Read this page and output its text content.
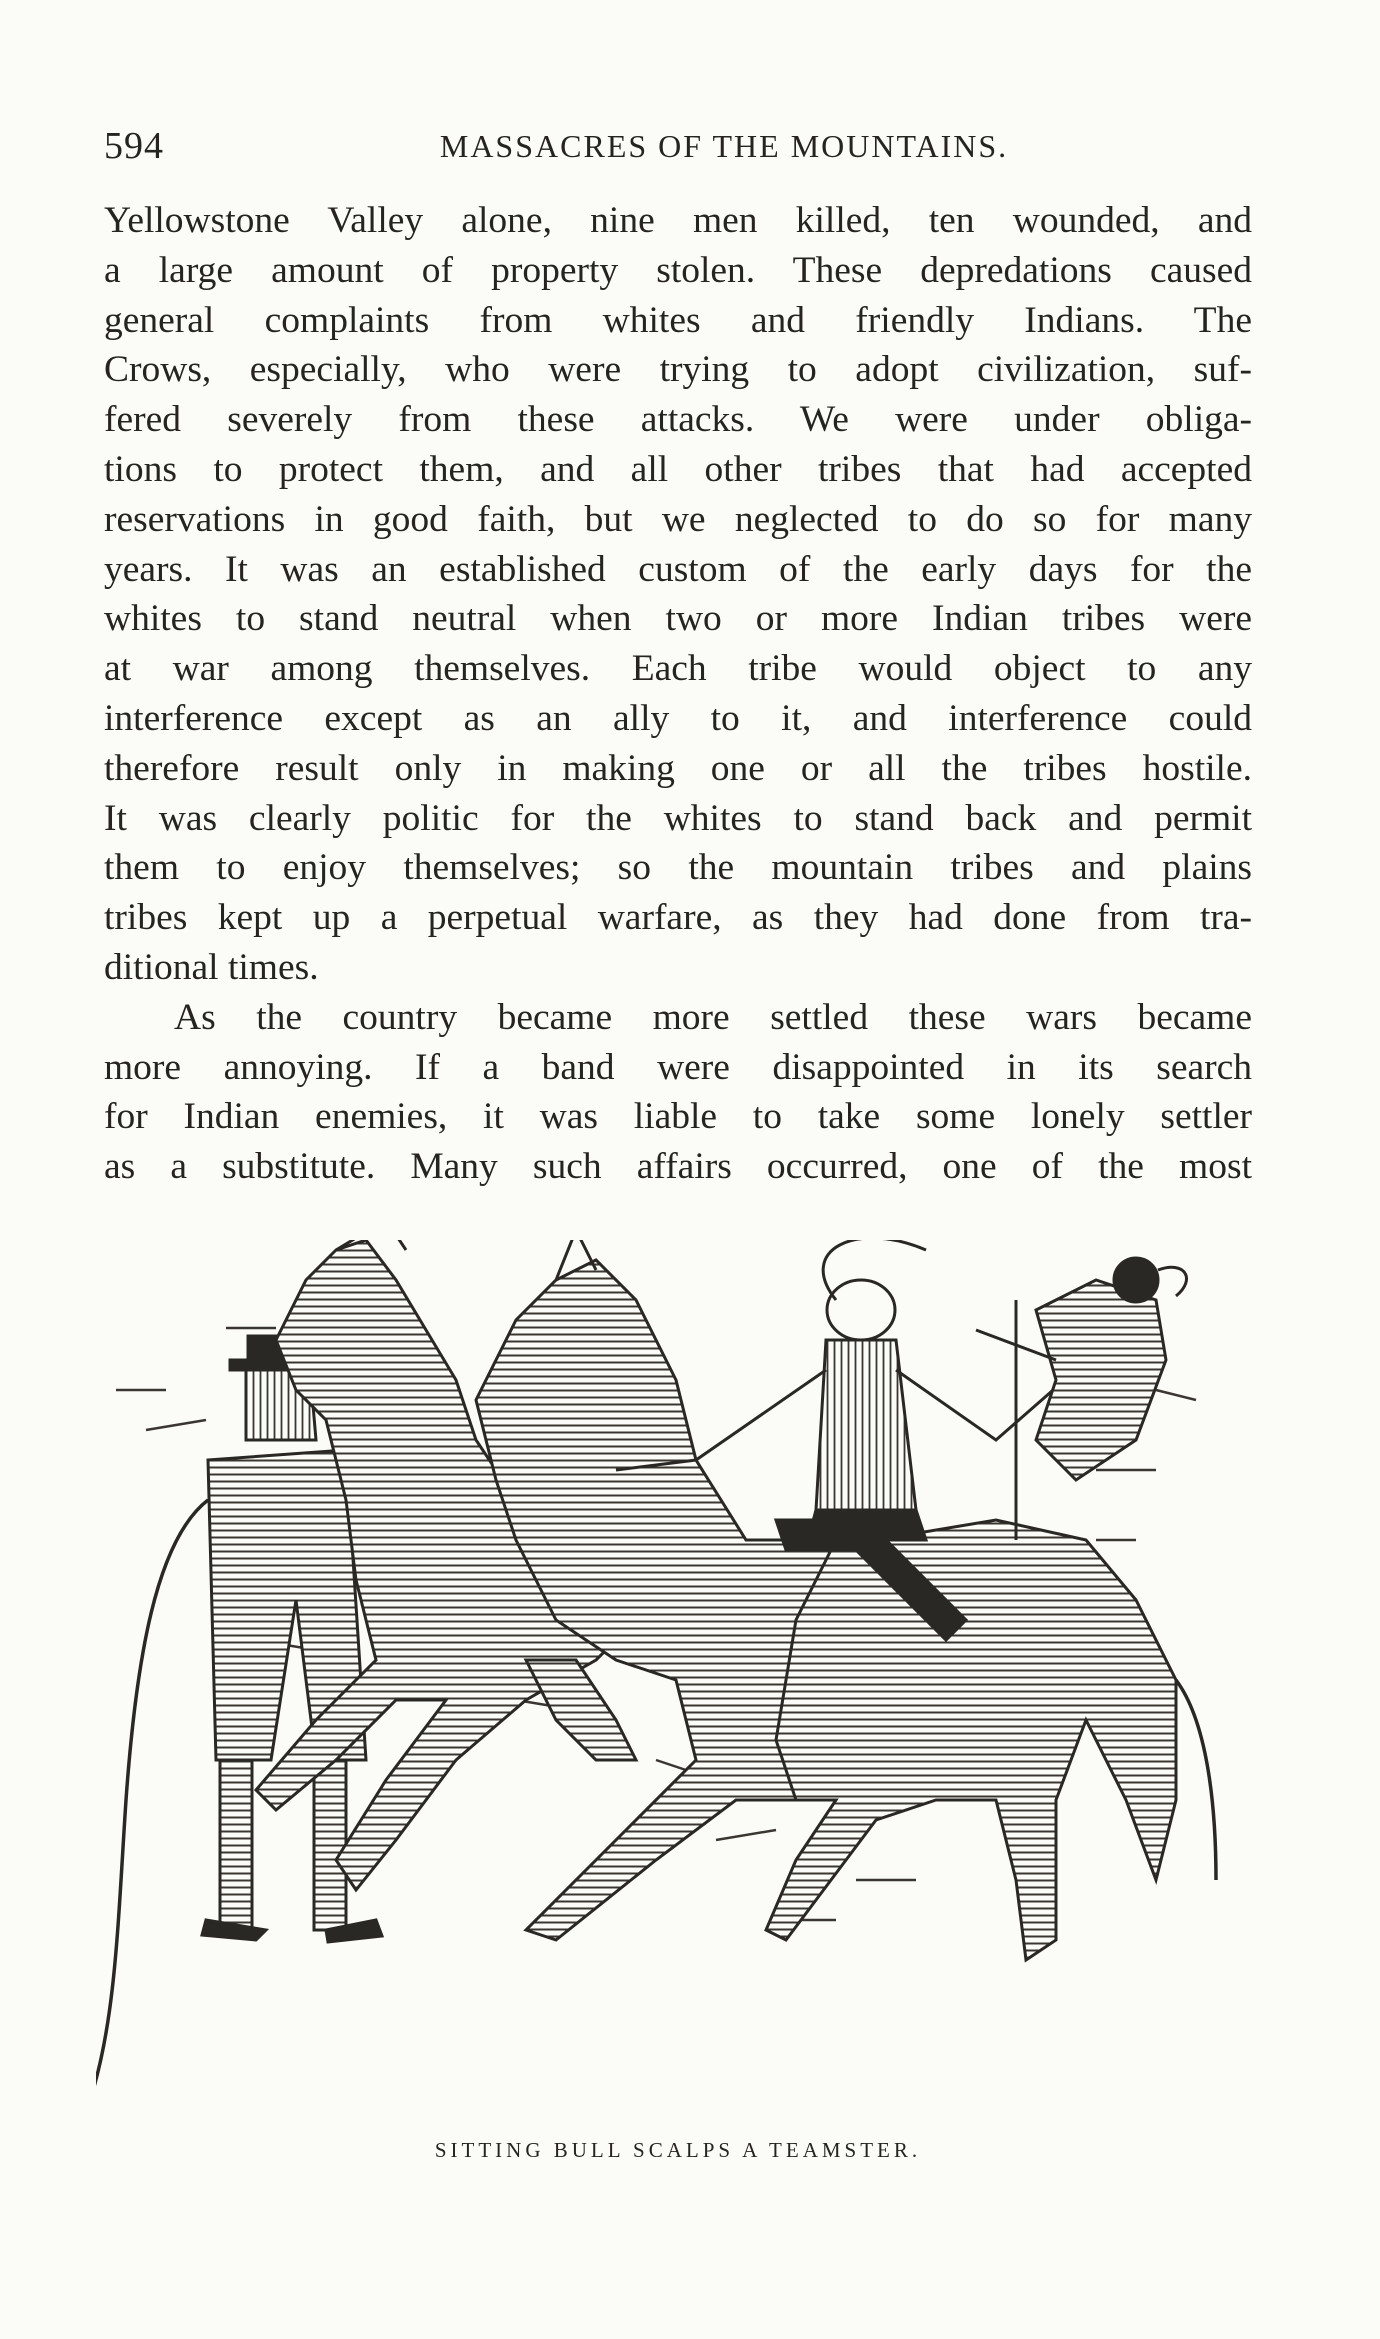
594	MASSACRES OF THE MOUNTAINS.
Yellowstone Valley alone, nine men killed, ten wounded, and
a large amount of property stolen. These depredations caused
general complaints from whites and friendly Indians. The
Crows, especially, who were trying to adopt civilization, suf-
fered severely from these attacks. We were under obliga-
tions to protect them, and all other tribes that had accepted
reservations in good faith, but we neglected to do so for many
years. It was an established custom of the early days for the
whites to stand neutral when two or more Indian tribes were
at war among themselves. Each tribe would object to any
interference except as an ally to it, and interference could
therefore result only in making one or all the tribes hostile.
It was clearly politic for the whites to stand back and permit
them to enjoy themselves; so the mountain tribes and plains
tribes kept up a perpetual warfare, as they had done from tra-
ditional times.
As the country became more settled these wars became
more annoying. If a band were disappointed in its search
for Indian enemies, it was liable to take some lonely settler
as a substitute. Many such affairs occurred, one of the most
SITTING BULL SCALPS A TEAMSTER.
